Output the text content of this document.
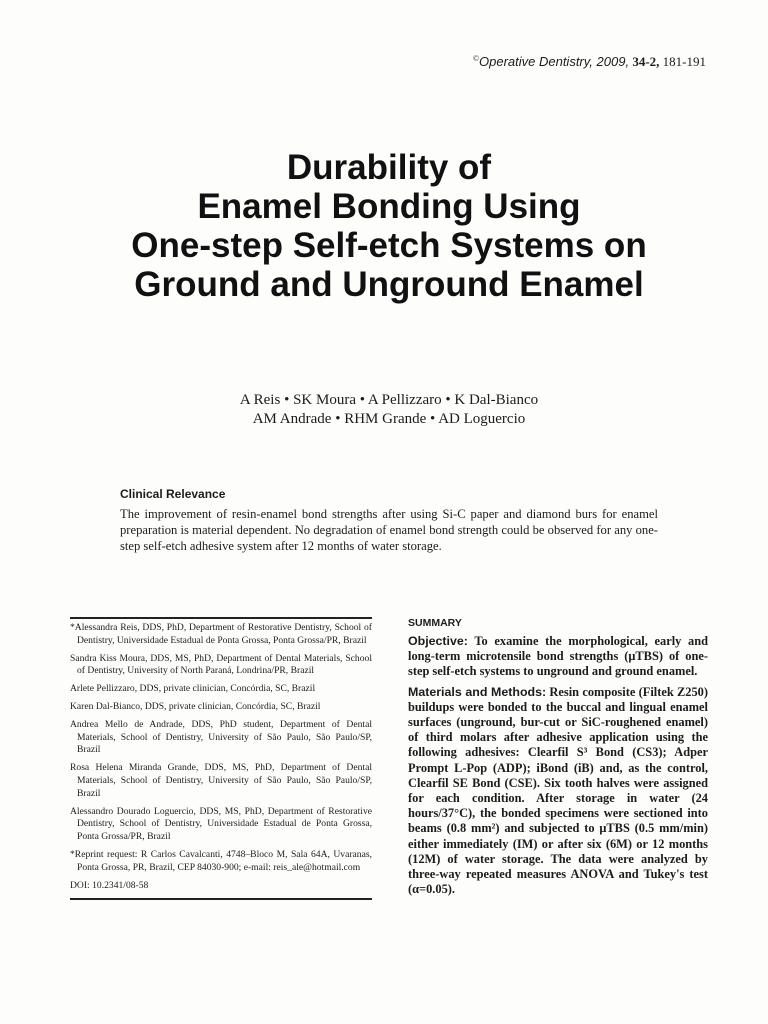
©Operative Dentistry, 2009, 34-2, 181-191
Durability of
Enamel Bonding Using
One-step Self-etch Systems on
Ground and Unground Enamel
A Reis • SK Moura • A Pellizzaro • K Dal-Bianco
AM Andrade • RHM Grande • AD Loguercio
Clinical Relevance
The improvement of resin-enamel bond strengths after using Si-C paper and diamond burs for enamel preparation is material dependent. No degradation of enamel bond strength could be observed for any one-step self-etch adhesive system after 12 months of water storage.

*Alessandra Reis, DDS, PhD, Department of Restorative Dentistry, School of Dentistry, Universidade Estadual de Ponta Grossa, Ponta Grossa/PR, Brazil

Sandra Kiss Moura, DDS, MS, PhD, Department of Dental Materials, School of Dentistry, University of North Paraná, Londrina/PR, Brazil

Arlete Pellizzaro, DDS, private clinician, Concórdia, SC, Brazil

Karen Dal-Bianco, DDS, private clinician, Concórdia, SC, Brazil

Andrea Mello de Andrade, DDS, PhD student, Department of Dental Materials, School of Dentistry, University of São Paulo, São Paulo/SP, Brazil

Rosa Helena Miranda Grande, DDS, MS, PhD, Department of Dental Materials, School of Dentistry, University of São Paulo, São Paulo/SP, Brazil

Alessandro Dourado Loguercio, DDS, MS, PhD, Department of Restorative Dentistry, School of Dentistry, Universidade Estadual de Ponta Grossa, Ponta Grossa/PR, Brazil

*Reprint request: R Carlos Cavalcanti, 4748–Bloco M, Sala 64A, Uvaranas, Ponta Grossa, PR, Brazil, CEP 84030-900; e-mail: reis_ale@hotmail.com

DOI: 10.2341/08-58

SUMMARY

Objective: To examine the morphological, early and long-term microtensile bond strengths (μTBS) of one-step self-etch systems to unground and ground enamel.

Materials and Methods: Resin composite (Filtek Z250) buildups were bonded to the buccal and lingual enamel surfaces (unground, bur-cut or SiC-roughened enamel) of third molars after adhesive application using the following adhesives: Clearfil S³ Bond (CS3); Adper Prompt L-Pop (ADP); iBond (iB) and, as the control, Clearfil SE Bond (CSE). Six tooth halves were assigned for each condition. After storage in water (24 hours/37°C), the bonded specimens were sectioned into beams (0.8 mm²) and subjected to μTBS (0.5 mm/min) either immediately (IM) or after six (6M) or 12 months (12M) of water storage. The data were analyzed by three-way repeated measures ANOVA and Tukey's test (α=0.05).
